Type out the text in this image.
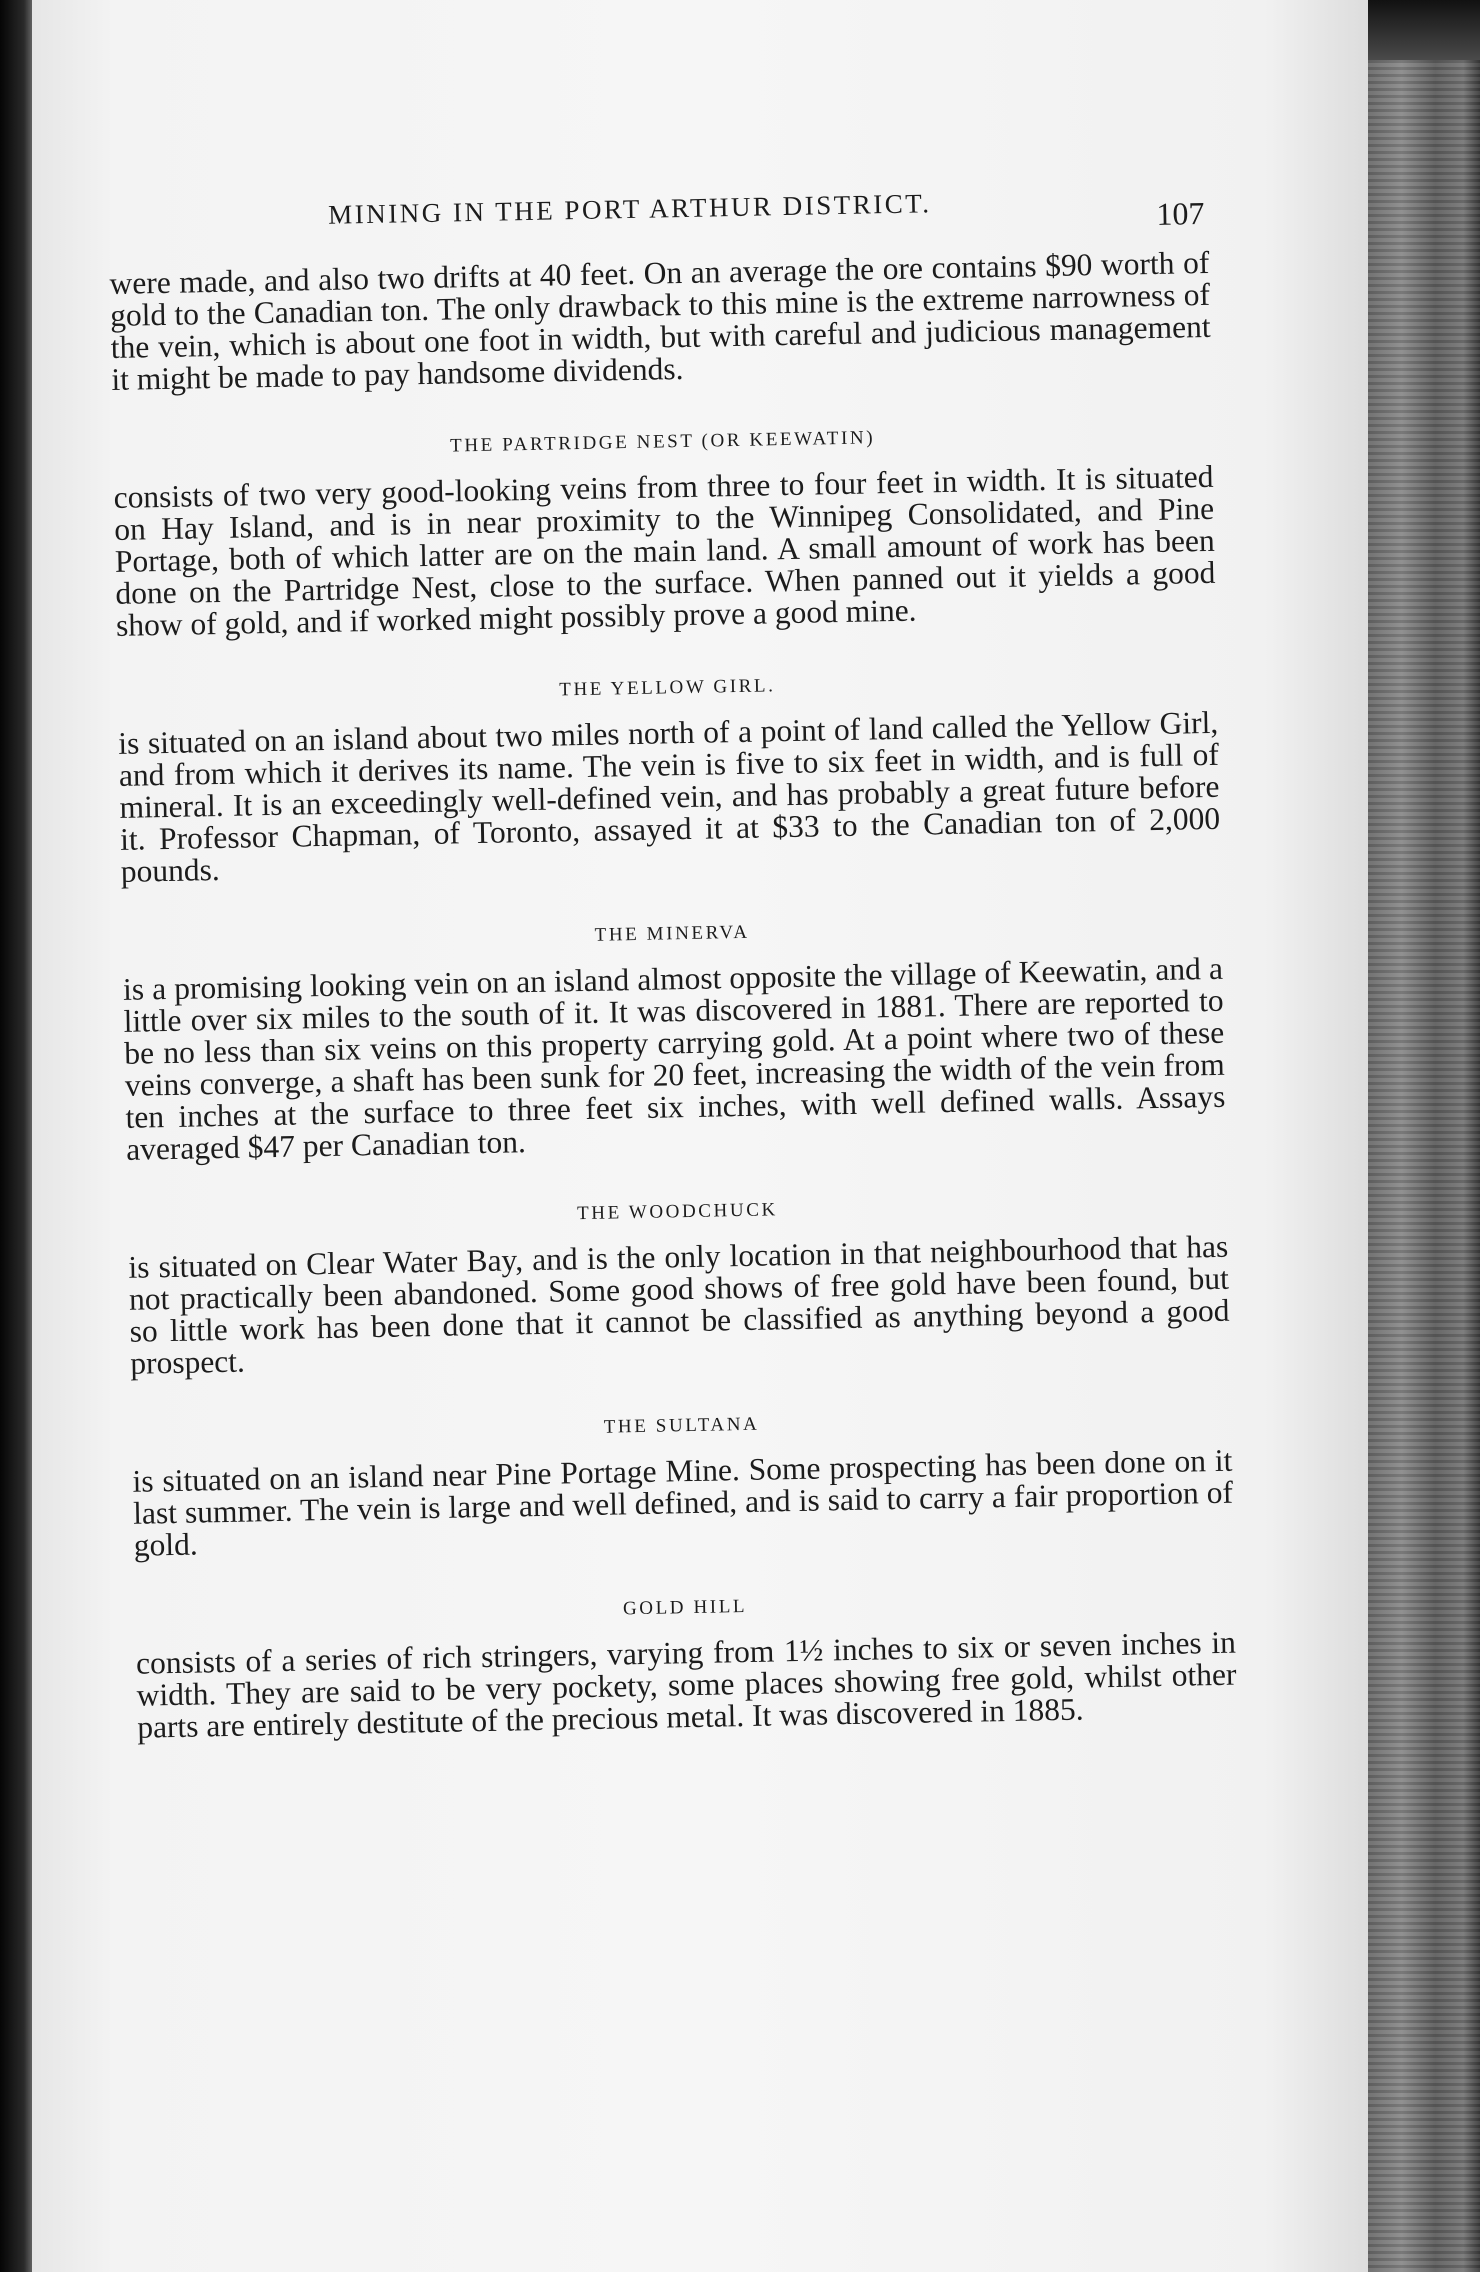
MINING IN THE PORT ARTHUR DISTRICT.	107

were made, and also two drifts at 40 feet. On an average the ore contains $90 worth of gold to the Canadian ton. The only drawback to this mine is the extreme narrowness of the vein, which is about one foot in width, but with careful and judicious management it might be made to pay handsome dividends.

THE PARTRIDGE NEST (OR KEEWATIN)

consists of two very good-looking veins from three to four feet in width. It is situated on Hay Island, and is in near proximity to the Winnipeg Consolidated, and Pine Portage, both of which latter are on the main land. A small amount of work has been done on the Partridge Nest, close to the surface. When panned out it yields a good show of gold, and if worked might possibly prove a good mine.

THE YELLOW GIRL.

is situated on an island about two miles north of a point of land called the Yellow Girl, and from which it derives its name. The vein is five to six feet in width, and is full of mineral. It is an exceedingly well-defined vein, and has probably a great future before it. Professor Chapman, of Toronto, assayed it at $33 to the Canadian ton of 2,000 pounds.

THE MINERVA

is a promising looking vein on an island almost opposite the village of Keewatin, and a little over six miles to the south of it. It was discovered in 1881. There are reported to be no less than six veins on this property carrying gold. At a point where two of these veins converge, a shaft has been sunk for 20 feet, increasing the width of the vein from ten inches at the surface to three feet six inches, with well defined walls. Assays averaged $47 per Canadian ton.

THE WOODCHUCK

is situated on Clear Water Bay, and is the only location in that neighbourhood that has not practically been abandoned. Some good shows of free gold have been found, but so little work has been done that it cannot be classified as anything beyond a good prospect.

THE SULTANA

is situated on an island near Pine Portage Mine. Some prospecting has been done on it last summer. The vein is large and well defined, and is said to carry a fair proportion of gold.

GOLD HILL

consists of a series of rich stringers, varying from 1½ inches to six or seven inches in width. They are said to be very pockety, some places showing free gold, whilst other parts are entirely destitute of the precious metal. It was discovered in 1885.
